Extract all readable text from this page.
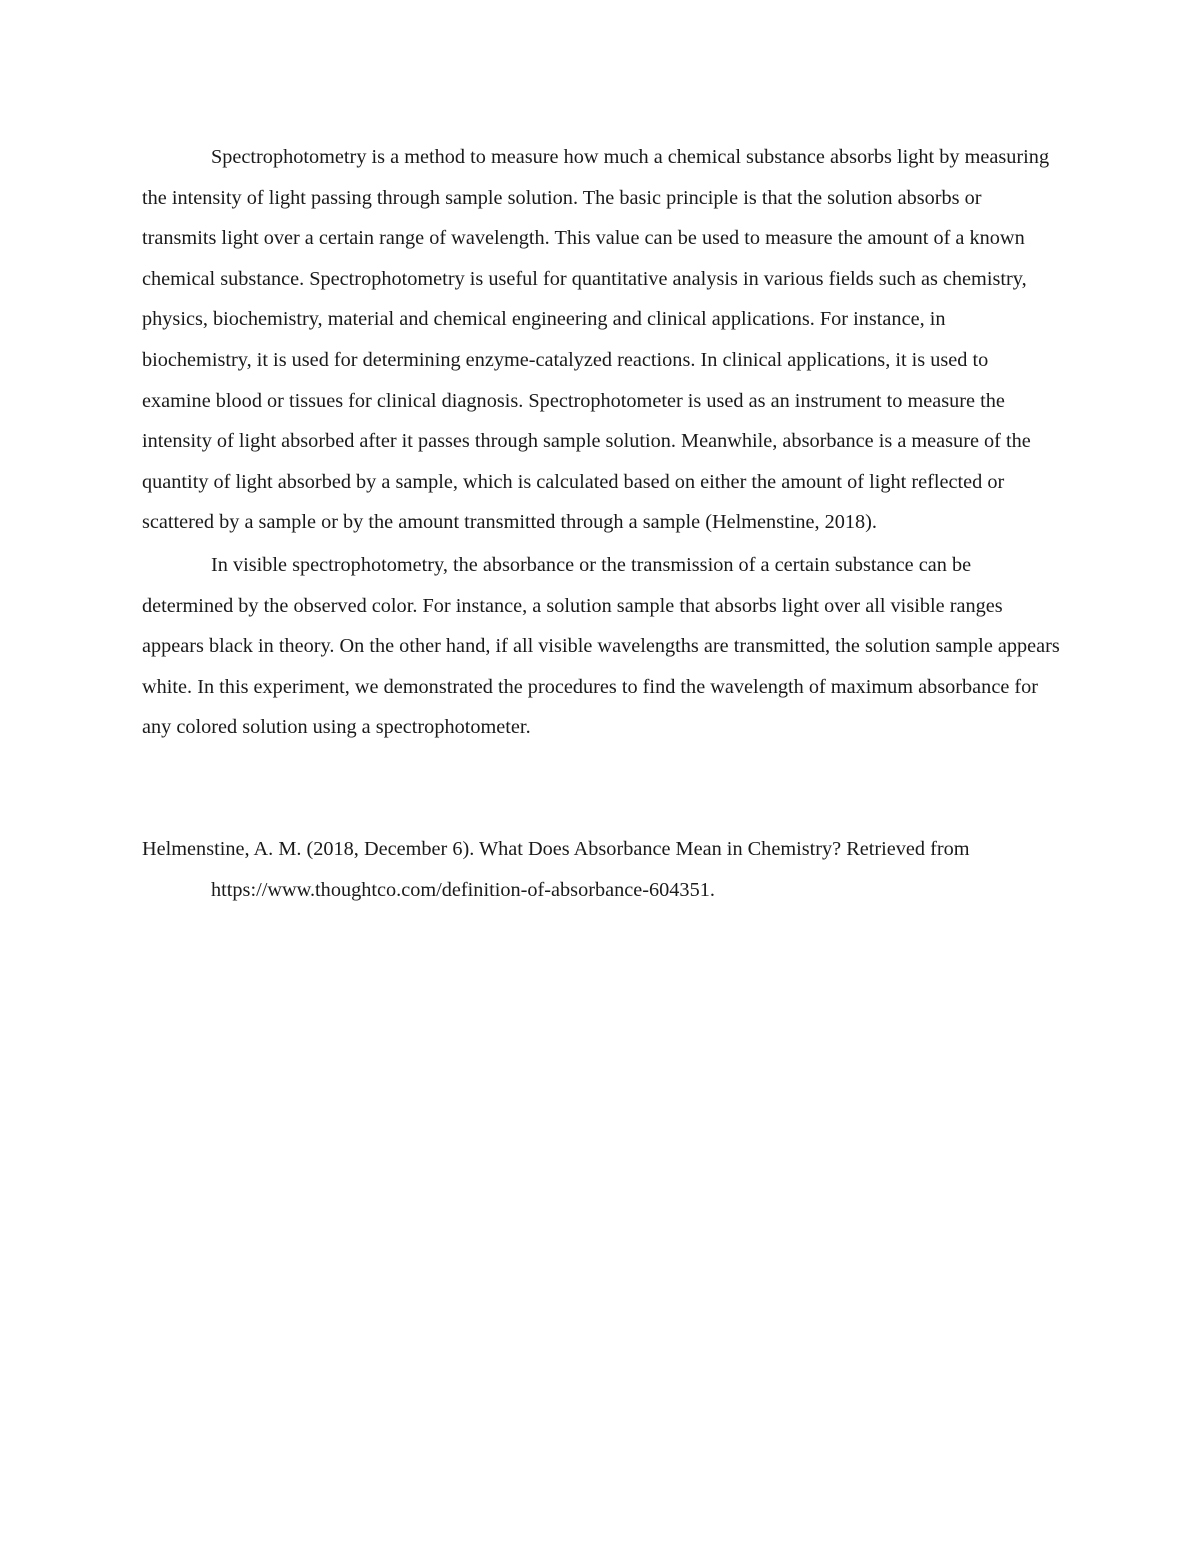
Spectrophotometry is a method to measure how much a chemical substance absorbs light by measuring the intensity of light passing through sample solution. The basic principle is that the solution absorbs or transmits light over a certain range of wavelength. This value can be used to measure the amount of a known chemical substance. Spectrophotometry is useful for quantitative analysis in various fields such as chemistry, physics, biochemistry, material and chemical engineering and clinical applications. For instance, in biochemistry, it is used for determining enzyme-catalyzed reactions. In clinical applications, it is used to examine blood or tissues for clinical diagnosis. Spectrophotometer is used as an instrument to measure the intensity of light absorbed after it passes through sample solution. Meanwhile, absorbance is a measure of the quantity of light absorbed by a sample, which is calculated based on either the amount of light reflected or scattered by a sample or by the amount transmitted through a sample (Helmenstine, 2018).

In visible spectrophotometry, the absorbance or the transmission of a certain substance can be determined by the observed color. For instance, a solution sample that absorbs light over all visible ranges appears black in theory. On the other hand, if all visible wavelengths are transmitted, the solution sample appears white. In this experiment, we demonstrated the procedures to find the wavelength of maximum absorbance for any colored solution using a spectrophotometer.

Helmenstine, A. M. (2018, December 6). What Does Absorbance Mean in Chemistry? Retrieved from https://www.thoughtco.com/definition-of-absorbance-604351.
